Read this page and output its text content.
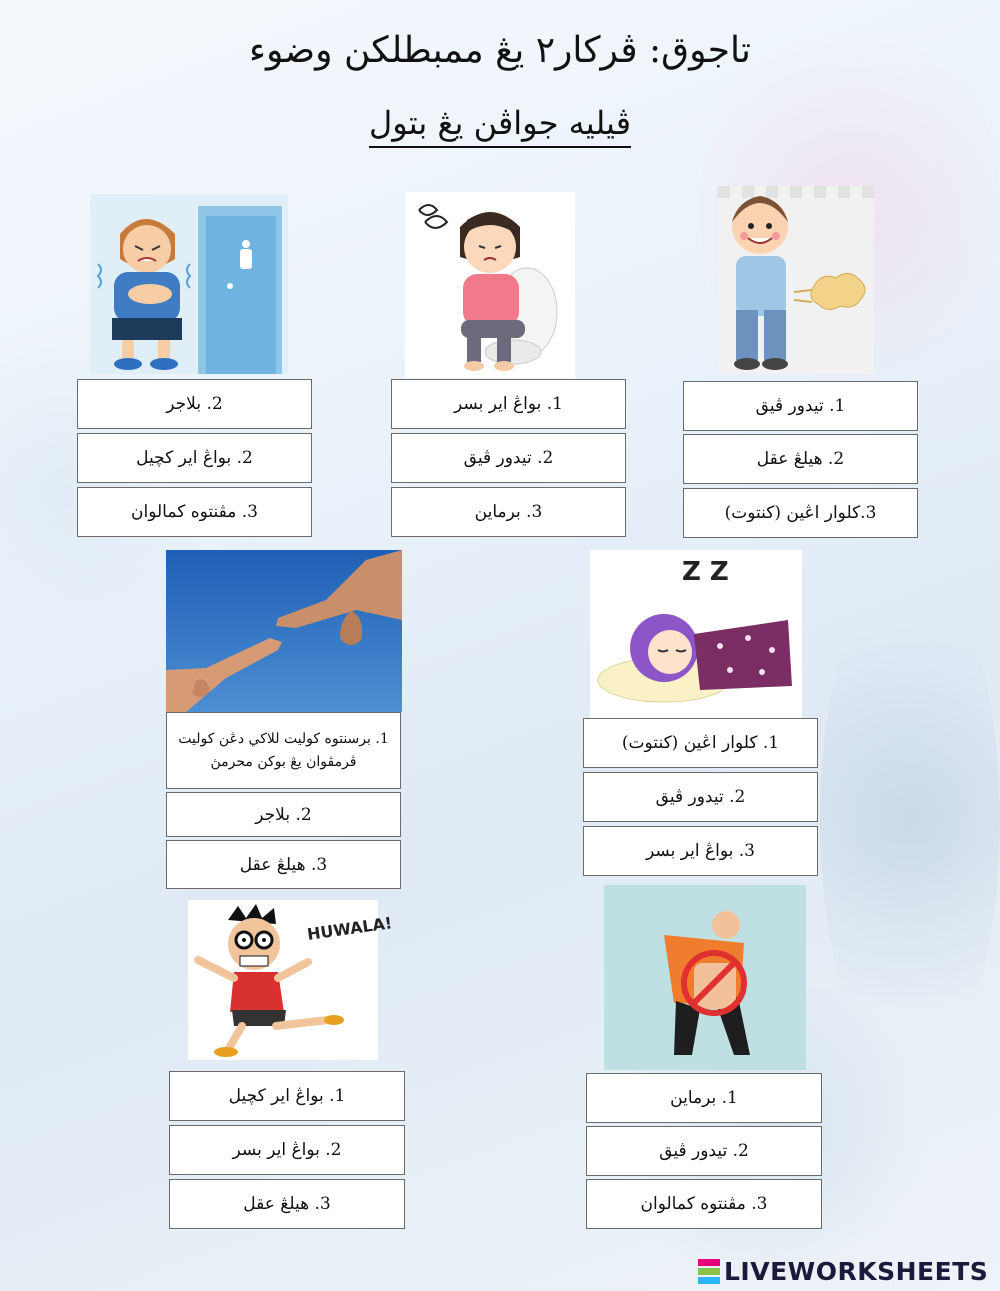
تاجوق: ڤركار٢ يڠ ممبطلكن وضوء
ڤيليه جواڤن يڠ بتول
Z Z
HUWALA!
2. بلاجر
2. بواڠ اير كچيل
3. مڤنتوه كمالوان
1. بواڠ اير بسر
2. تيدور ڤيق
3. برماين
1. تيدور ڤيق
2. هيلڠ عقل
3.كلوار اڠين (كنتوت)
1. برسنتوه كوليت للاكي دڠن كوليت ڤرمڤوان يڠ بوكن محرمڽ
2. بلاجر
3. هيلڠ عقل
1. كلوار اڠين (كنتوت)
2. تيدور ڤيق
3. بواڠ اير بسر
1. بواڠ اير كچيل
2. بواڠ اير بسر
3. هيلڠ عقل
1. برماين
2. تيدور ڤيق
3. مڤنتوه كمالوان
LIVEWORKSHEETS
